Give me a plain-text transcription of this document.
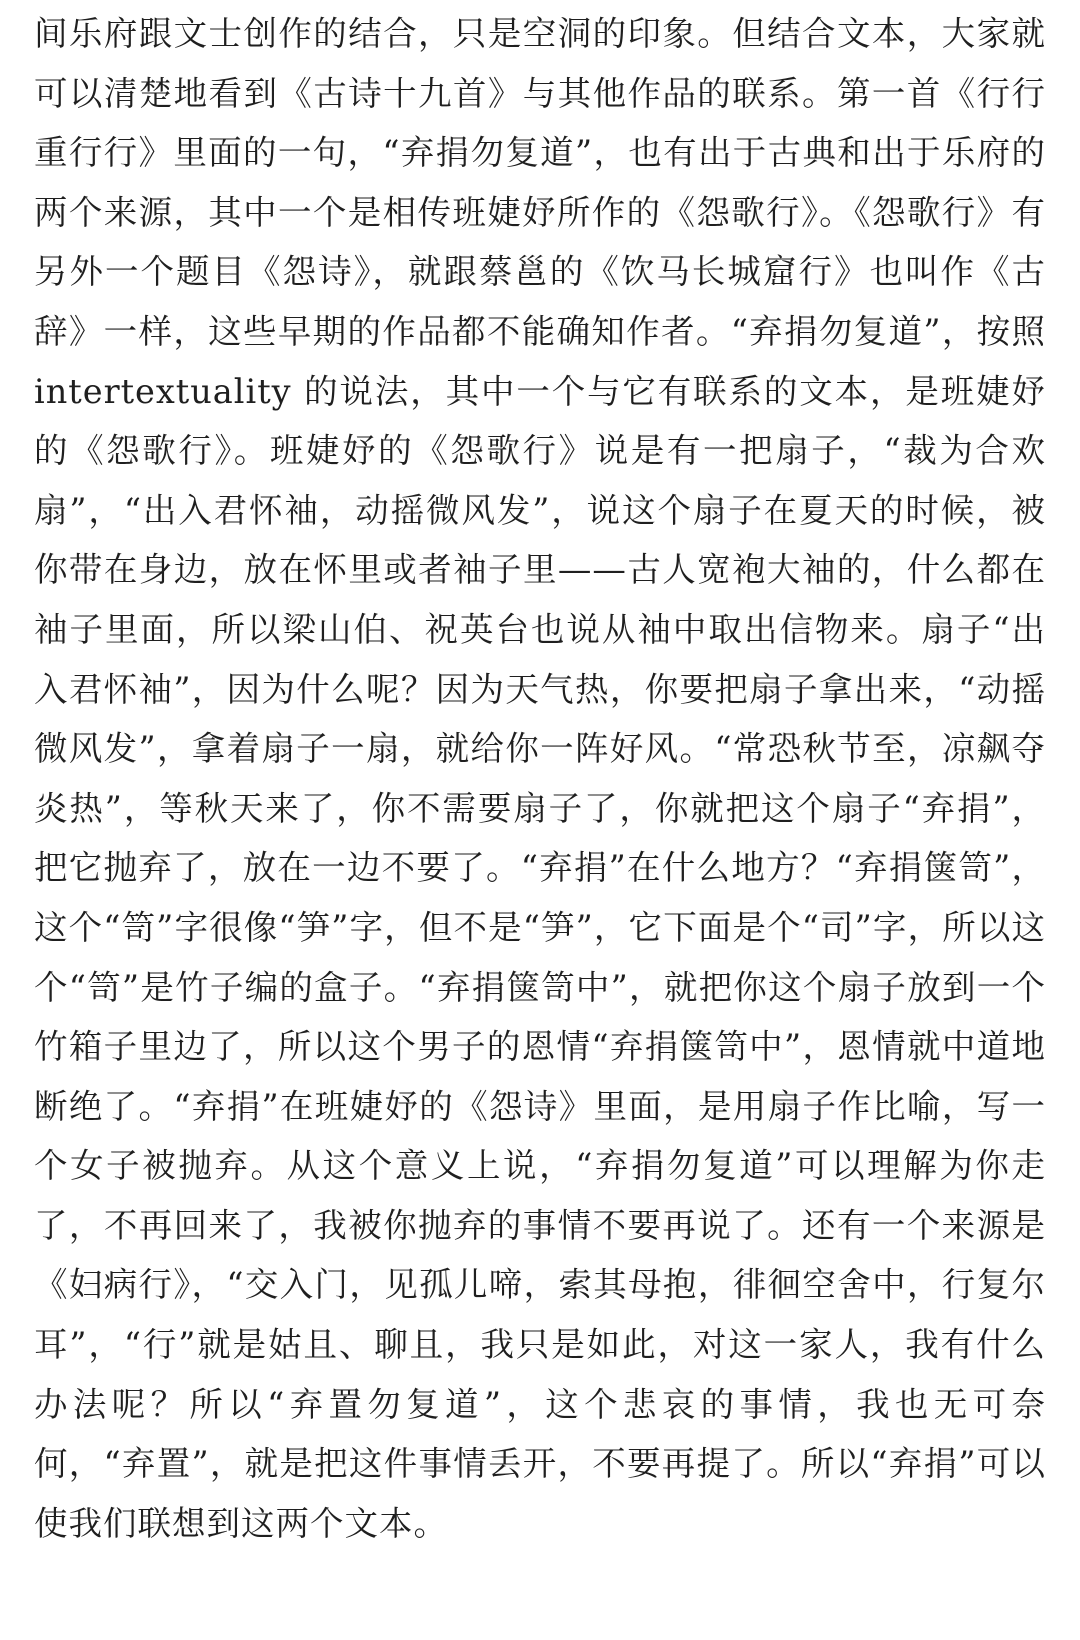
间乐府跟文士创作的结合，只是空洞的印象。但结合文本，大家就可以清楚地看到《古诗十九首》与其他作品的联系。第一首《行行重行行》里面的一句，“弃捐勿复道”，也有出于古典和出于乐府的两个来源，其中一个是相传班婕妤所作的《怨歌行》。《怨歌行》有另外一个题目《怨诗》，就跟蔡邕的《饮马长城窟行》也叫作《古辞》一样，这些早期的作品都不能确知作者。“弃捐勿复道”，按照 intertextuality 的说法，其中一个与它有联系的文本，是班婕妤的《怨歌行》。班婕妤的《怨歌行》说是有一把扇子，“裁为合欢扇”，“出入君怀袖，动摇微风发”，说这个扇子在夏天的时候，被你带在身边，放在怀里或者袖子里——古人宽袍大袖的，什么都在袖子里面，所以梁山伯、祝英台也说从袖中取出信物来。扇子“出入君怀袖”，因为什么呢？因为天气热，你要把扇子拿出来，“动摇微风发”，拿着扇子一扇，就给你一阵好风。“常恐秋节至，凉飙夺炎热”，等秋天来了，你不需要扇子了，你就把这个扇子“弃捐”，把它抛弃了，放在一边不要了。“弃捐”在什么地方？“弃捐箧笥”，这个“笥”字很像“笋”字，但不是“笋”，它下面是个“司”字，所以这个“笥”是竹子编的盒子。“弃捐箧笥中”，就把你这个扇子放到一个竹箱子里边了，所以这个男子的恩情“弃捐箧笥中”，恩情就中道地断绝了。“弃捐”在班婕妤的《怨诗》里面，是用扇子作比喻，写一个女子被抛弃。从这个意义上说，“弃捐勿复道”可以理解为你走了，不再回来了，我被你抛弃的事情不要再说了。还有一个来源是《妇病行》，“交入门，见孤儿啼，索其母抱，徘徊空舍中，行复尔耳”，“行”就是姑且、聊且，我只是如此，对这一家人，我有什么办法呢？所以“弃置勿复道”，这个悲哀的事情，我也无可奈何，“弃置”，就是把这件事情丢开，不要再提了。所以“弃捐”可以使我们联想到这两个文本。
